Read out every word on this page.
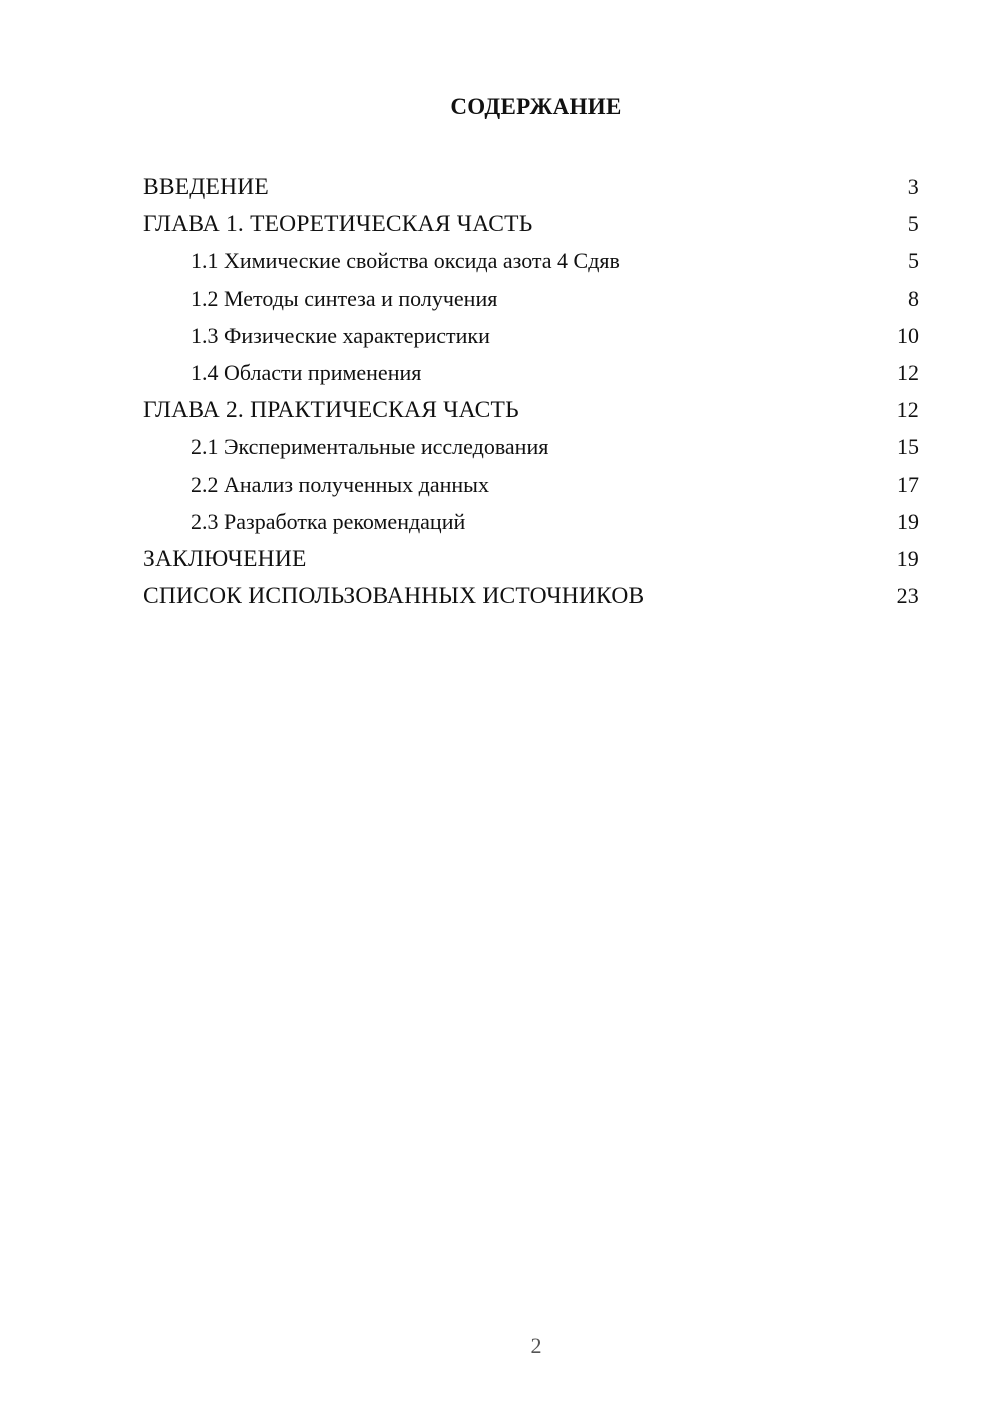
СОДЕРЖАНИЕ
ВВЕДЕНИЕ	3
ГЛАВА 1. ТЕОРЕТИЧЕСКАЯ ЧАСТЬ	5
1.1 Химические свойства оксида азота 4 Сдяв	5
1.2 Методы синтеза и получения	8
1.3 Физические характеристики	10
1.4 Области применения	12
ГЛАВА 2. ПРАКТИЧЕСКАЯ ЧАСТЬ	12
2.1 Экспериментальные исследования	15
2.2 Анализ полученных данных	17
2.3 Разработка рекомендаций	19
ЗАКЛЮЧЕНИЕ	19
СПИСОК ИСПОЛЬЗОВАННЫХ ИСТОЧНИКОВ	23
2
